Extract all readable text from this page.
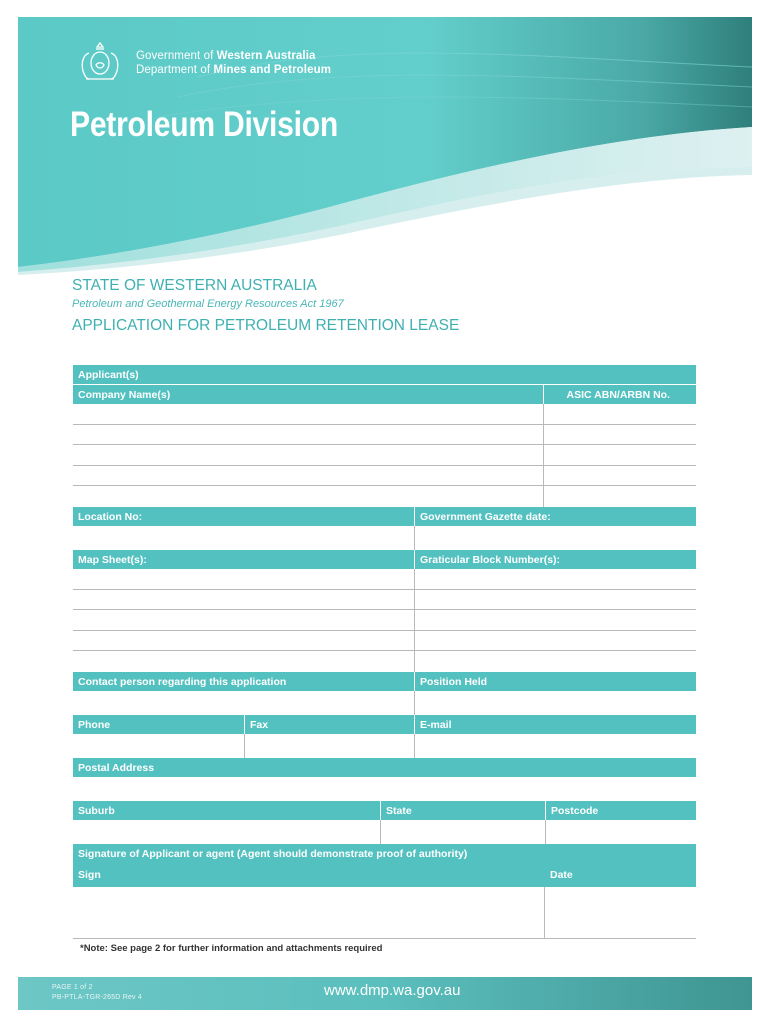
Government of Western Australia
Department of Mines and Petroleum
Petroleum Division
STATE OF WESTERN AUSTRALIA
Petroleum and Geothermal Energy Resources Act 1967
APPLICATION FOR PETROLEUM RETENTION LEASE
Applicant(s)
Company Name(s)	ASIC ABN/ARBN No.
Location No:	Government Gazette date:
Map Sheet(s):	Graticular Block Number(s):
Contact person regarding this application	Position Held
Phone	Fax	E-mail
Postal Address
Suburb	State	Postcode
Signature of Applicant or agent (Agent should demonstrate proof of authority)
Sign	Date
*Note: See page 2 for further information and attachments required
PAGE 1 of 2
PB-PTLA-TGR-265D Rev 4	www.dmp.wa.gov.au
